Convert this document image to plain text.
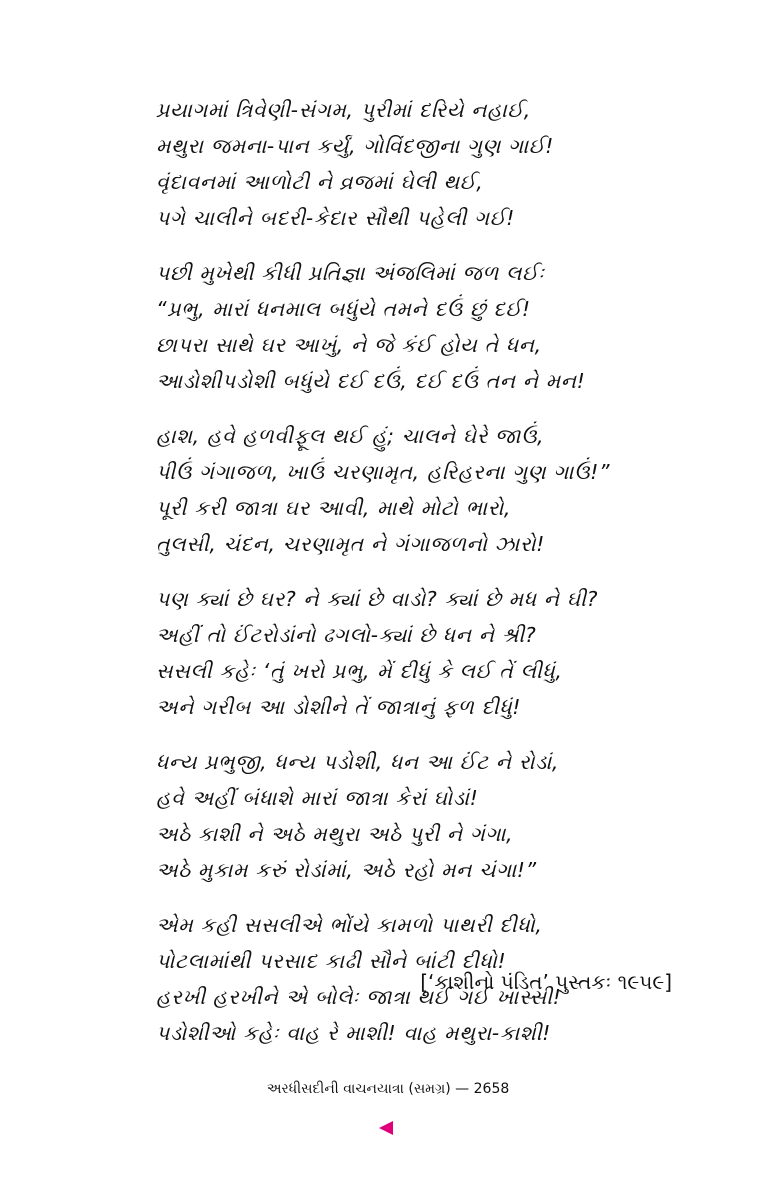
પ્રયાગમાં ત્રિવેણી-સંગમ, પુરીમાં દરિયે નહાઈ,
મથુરા જમના-પાન કર્યું, ગોવિંદજીના ગુણ ગાઈ!
વૃંદાવનમાં આળોટી ને વ્રજમાં ઘેલી થઈ,
પગે ચાલીને બદરી-કેદાર સૌથી પહેલી ગઈ!
પછી મુખેથી કીધી પ્રતિજ્ઞા અંજલિમાં જળ લઈઃ
“પ્રભુ, મારાં ધનમાલ બધુંયે તમને દઉં છું દઈ!
છાપરા સાથે ઘર આખું, ને જે કંઈ હોય તે ધન,
આડોશીપડોશી બધુંયે દઈ દઉં, દઈ દઉં તન ને મન!
હાશ, હવે હળવીફૂલ થઈ હું; ચાલને ઘેરે જાઉં,
પીઉં ગંગાજળ, ખાઉં ચરણામૃત, હરિહરના ગુણ ગાઉં!”
પૂરી કરી જાત્રા ઘર આવી, માથે મોટો ભારો,
તુલસી, ચંદન, ચરણામૃત ને ગંગાજળનો ઝારો!
પણ ક્યાં છે ઘર? ને ક્યાં છે વાડો? ક્યાં છે મધ ને ઘી?
અહીં તો ઈંટરોડાંનો ઢગલો-ક્યાં છે ધન ને શ્રી?
સસલી કહેઃ ‘તું ખરો પ્રભુ, મેં દીધું કે લઈ તેં લીધું,
અને ગરીબ આ ડોશીને તેં જાત્રાનું ફળ દીધું!
ધન્ય પ્રભુજી, ધન્ય પડોશી, ધન આ ઈંટ ને રોડાં,
હવે અહીં બંધાશે મારાં જાત્રા કેરાં ઘોડાં!
અઠે કાશી ને અઠે મથુરા અઠે પુરી ને ગંગા,
અઠે મુકામ કરું રોડાંમાં, અઠે રહો મન ચંગા!”
એમ કહી સસલીએ ભોંયે કામળો પાથરી દીધો,
પોટલામાંથી પરસાદ કાઢી સૌને બાંટી દીધો!
હરખી હરખીને એ બોલેઃ જાત્રા થઈ ગઈ ખાસ્સી!
પડોશીઓ કહેઃ વાહ રે માશી! વાહ મથુરા-કાશી!
[‘કાશીનો પંડિત’ પુસ્તકઃ ૧૯૫૯]
અરધીસદીની વાચનયાત્રા (સમગ્ર) — 2658
